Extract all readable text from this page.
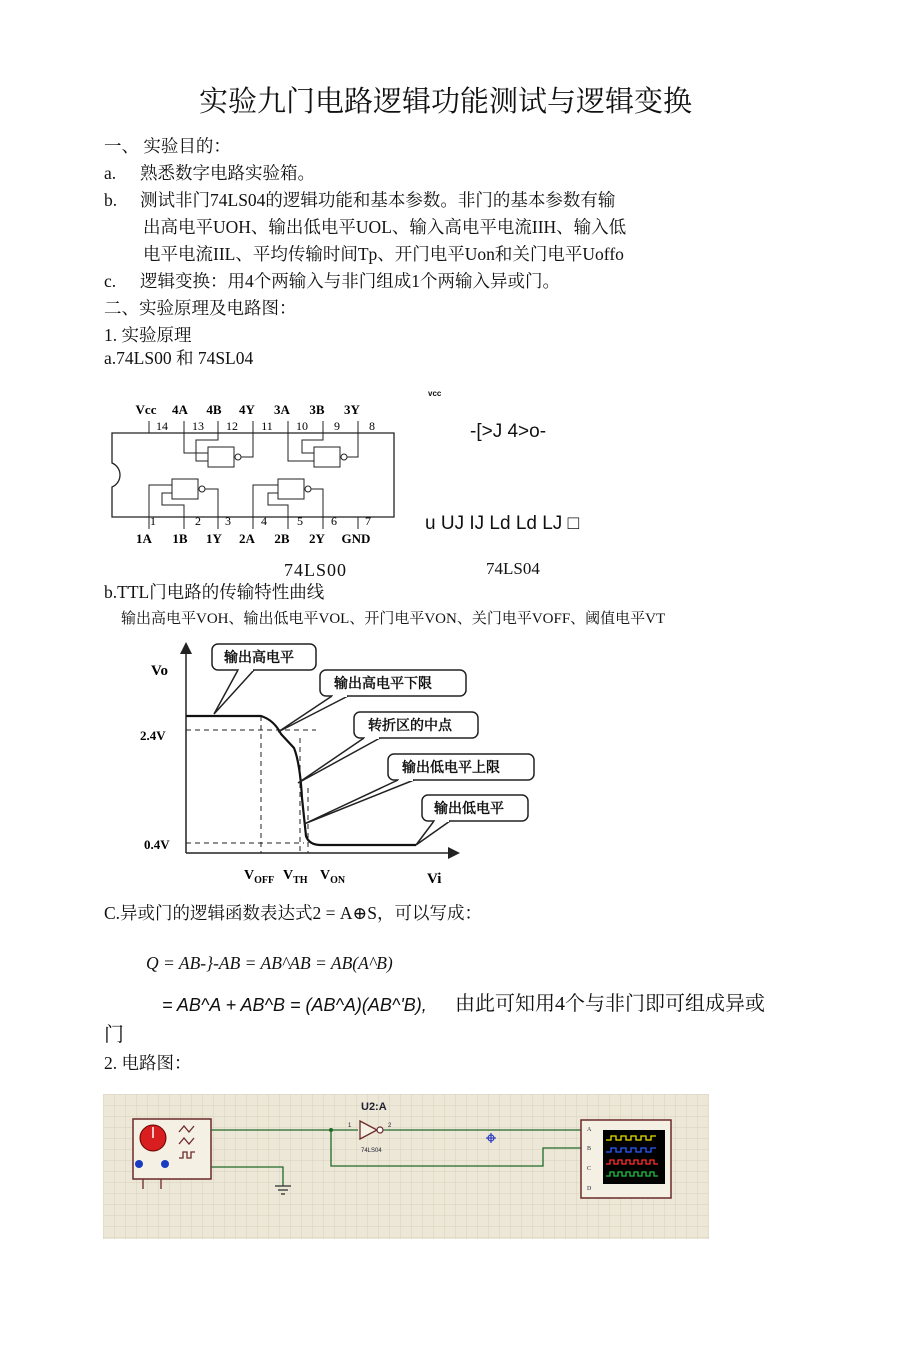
实验九门电路逻辑功能测试与逻辑变换
一、 实验目的：
a. 熟悉数字电路实验箱。
b. 测试非门74LS04的逻辑功能和基本参数。非门的基本参数有输
出高电平UOH、输出低电平UOL、输入高电平电流IIH、输入低
电平电流IIL、平均传输时间Tp、开门电平Uon和关门电平Uoffo
c. 逻辑变换：用4个两输入与非门组成1个两输入异或门。
二、实验原理及电路图：
1. 实验原理
a.74LS00 和 74SL04
Vcc 4A 4B 4Y 3A 3B 3Y
14 13 12 11 10 9 8
1	2 3	4	5 6 7
1A 1B 1Y 2A 2B 2Y GND
74LS00
vcc
-[>J 4>o-
u UJ IJ Ld Ld LJ □
74LS04
b.TTL门电路的传输特性曲线
输出高电平VOH、输出低电平VOL、开门电平VON、关门电平VOFF、阈值电平VT
Vo
Vi
2.4V
0.4V
输出高电平
输出高电平下限
转折区的中点
输出低电平上限
输出低电平
$V_{OFF}$ $V_{TH}$ $V_{ON}$
C.异或门的逻辑函数表达式2 = A⊕S，可以写成：
Q = AB-}-AB = AB^AB = AB(A^B)
= AB^A + AB^B = (AB^A)(AB^'B), 由此可知用4个与非门即可组成异或
门
2. 电路图：
U2:A
74LS04
1	2
A
B
C
D
